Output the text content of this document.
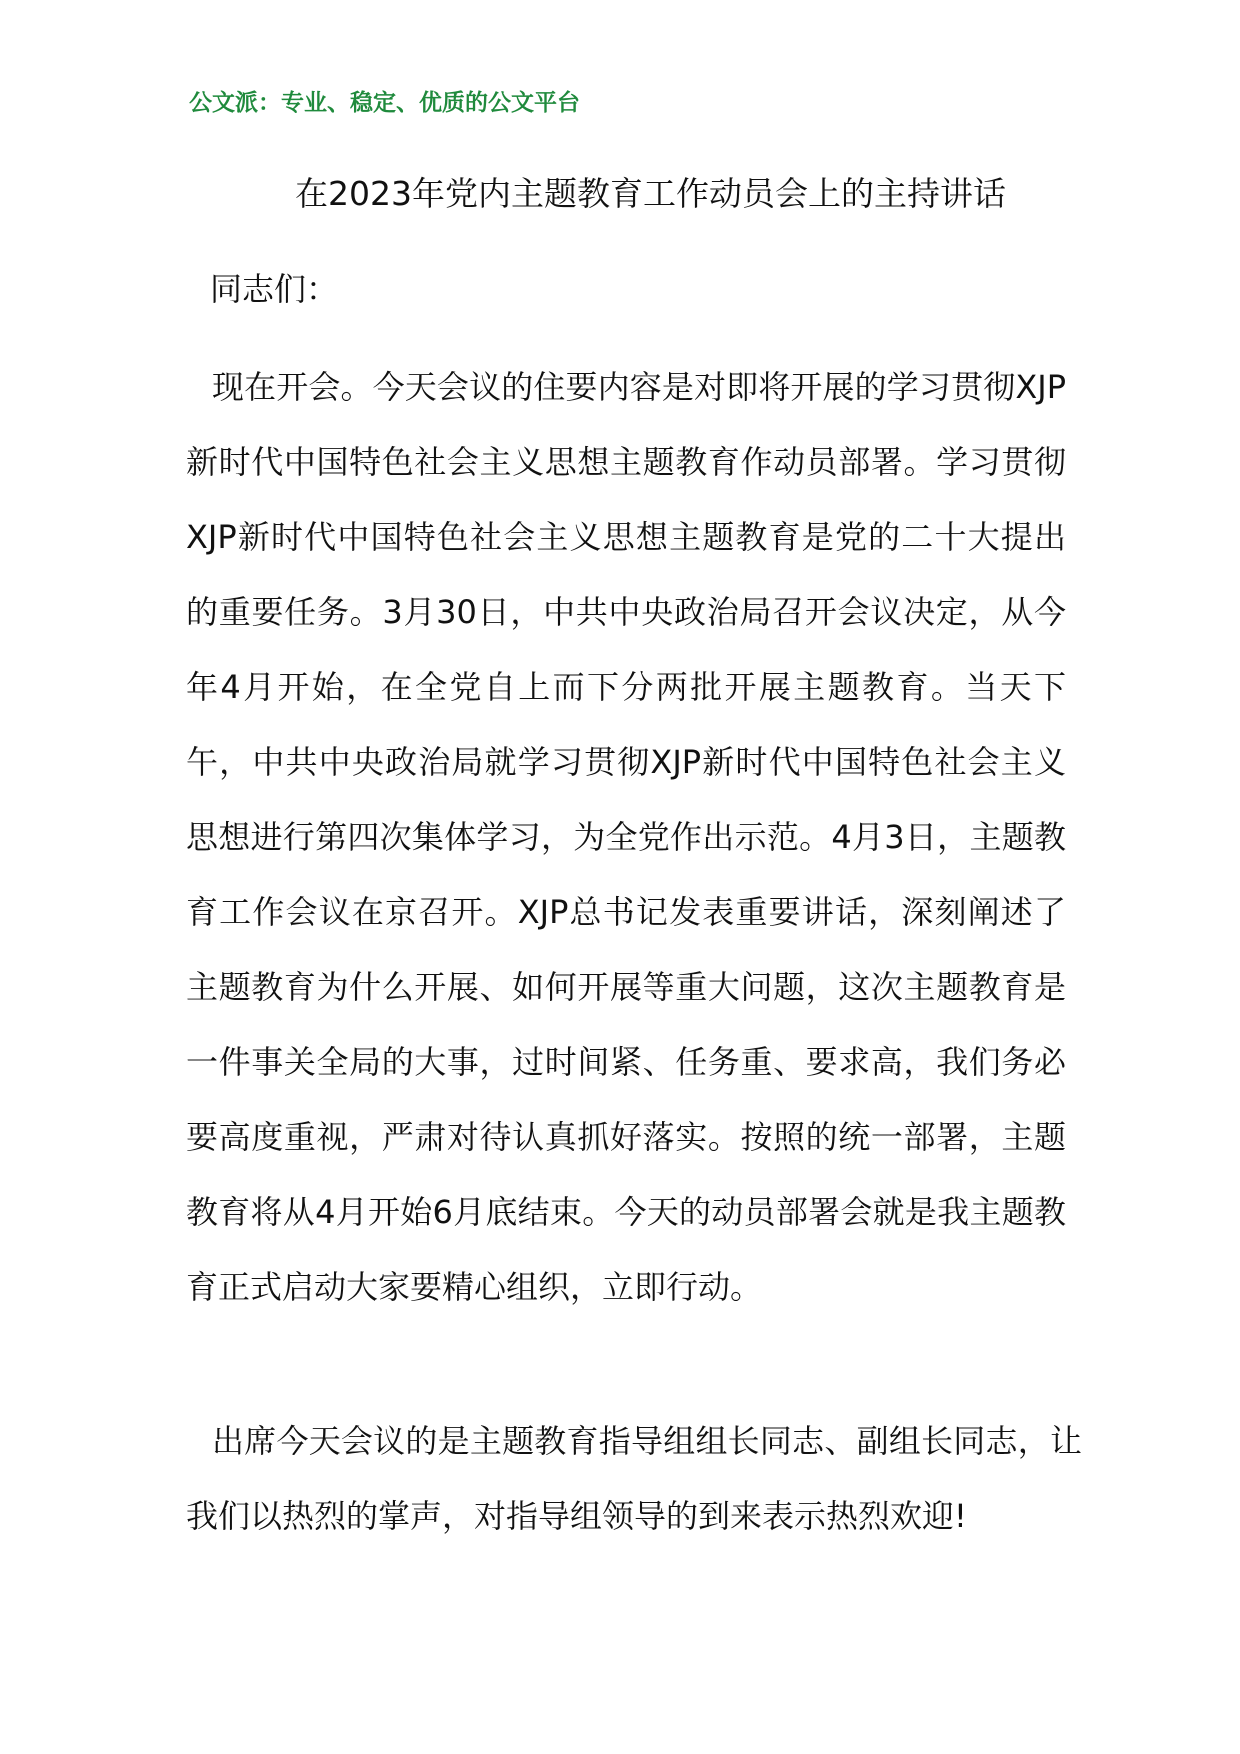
公文派：专业、稳定、优质的公文平台
在2023年党内主题教育工作动员会上的主持讲话
同志们：
现在开会。今天会议的住要内容是对即将开展的学习贯彻XJP新时代中国特色社会主义思想主题教育作动员部署。学习贯彻XJP新时代中国特色社会主义思想主题教育是党的二十大提出的重要任务。3月30日，中共中央政治局召开会议决定，从今年4月开始，在全党自上而下分两批开展主题教育。当天下午，中共中央政治局就学习贯彻XJP新时代中国特色社会主义思想进行第四次集体学习，为全党作出示范。4月3日，主题教育工作会议在京召开。XJP总书记发表重要讲话，深刻阐述了主题教育为什么开展、如何开展等重大问题，这次主题教育是一件事关全局的大事，过时间紧、任务重、要求高，我们务必要高度重视，严肃对待认真抓好落实。按照的统一部署，主题教育将从4月开始6月底结束。今天的动员部署会就是我主题教育正式启动大家要精心组织，立即行动。
出席今天会议的是主题教育指导组组长同志、副组长同志，让我们以热烈的掌声，对指导组领导的到来表示热烈欢迎!
